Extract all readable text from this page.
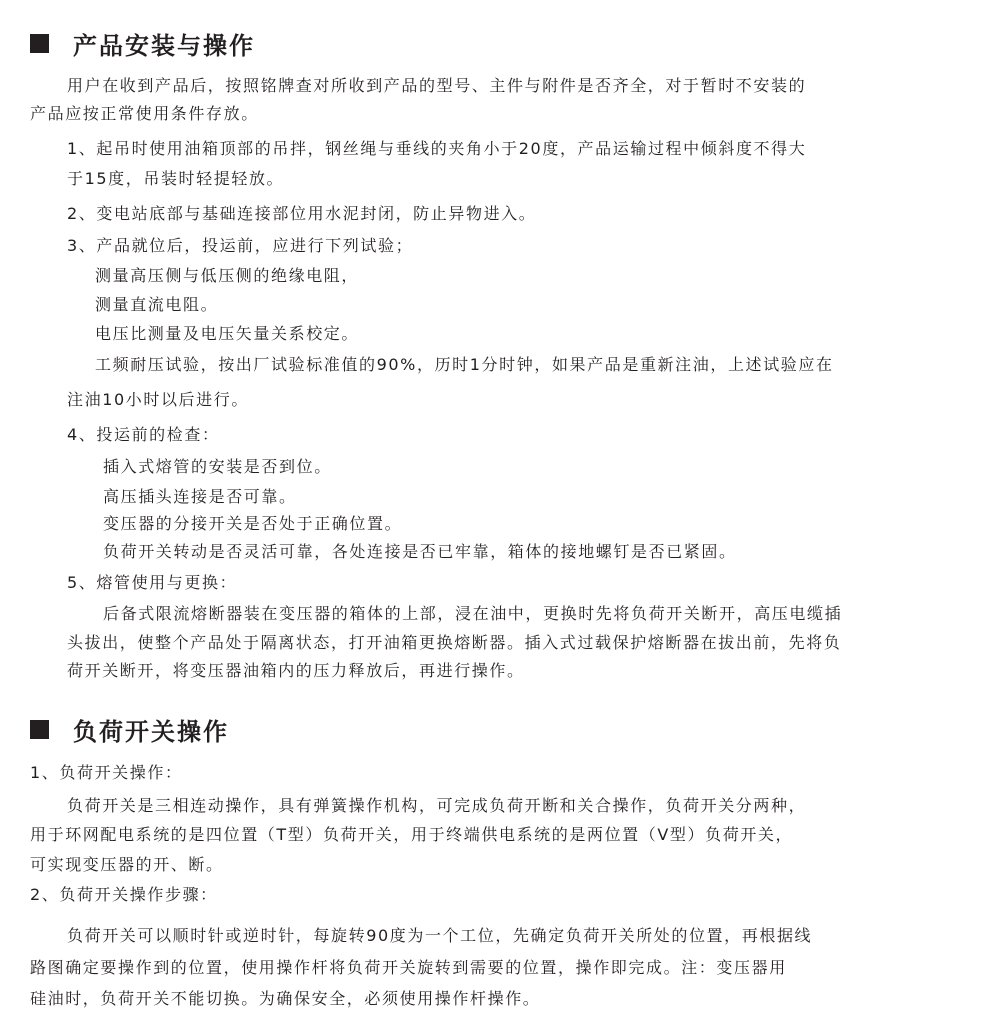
产品安装与操作
用户在收到产品后，按照铭牌查对所收到产品的型号、主件与附件是否齐全，对于暂时不安装的
产品应按正常使用条件存放。
1、起吊时使用油箱顶部的吊拌，钢丝绳与垂线的夹角小于20度，产品运输过程中倾斜度不得大
于15度，吊装时轻提轻放。
2、变电站底部与基础连接部位用水泥封闭，防止异物进入。
3、产品就位后，投运前，应进行下列试验；
测量高压侧与低压侧的绝缘电阻，
测量直流电阻。
电压比测量及电压矢量关系校定。
工频耐压试验，按出厂试验标准值的90%，历时1分时钟，如果产品是重新注油，上述试验应在
注油10小时以后进行。
4、投运前的检查：
插入式熔管的安装是否到位。
高压插头连接是否可靠。
变压器的分接开关是否处于正确位置。
负荷开关转动是否灵活可靠，各处连接是否已牢靠，箱体的接地螺钉是否已紧固。
5、熔管使用与更换：
后备式限流熔断器装在变压器的箱体的上部，浸在油中，更换时先将负荷开关断开，高压电缆插
头拔出，使整个产品处于隔离状态，打开油箱更换熔断器。插入式过载保护熔断器在拔出前，先将负
荷开关断开，将变压器油箱内的压力释放后，再进行操作。
负荷开关操作
1、负荷开关操作：
负荷开关是三相连动操作，具有弹簧操作机构，可完成负荷开断和关合操作，负荷开关分两种，
用于环网配电系统的是四位置（T型）负荷开关，用于终端供电系统的是两位置（V型）负荷开关，
可实现变压器的开、断。
2、负荷开关操作步骤：
负荷开关可以顺时针或逆时针，每旋转90度为一个工位，先确定负荷开关所处的位置，再根据线
路图确定要操作到的位置，使用操作杆将负荷开关旋转到需要的位置，操作即完成。注：变压器用
硅油时，负荷开关不能切换。为确保安全，必须使用操作杆操作。
